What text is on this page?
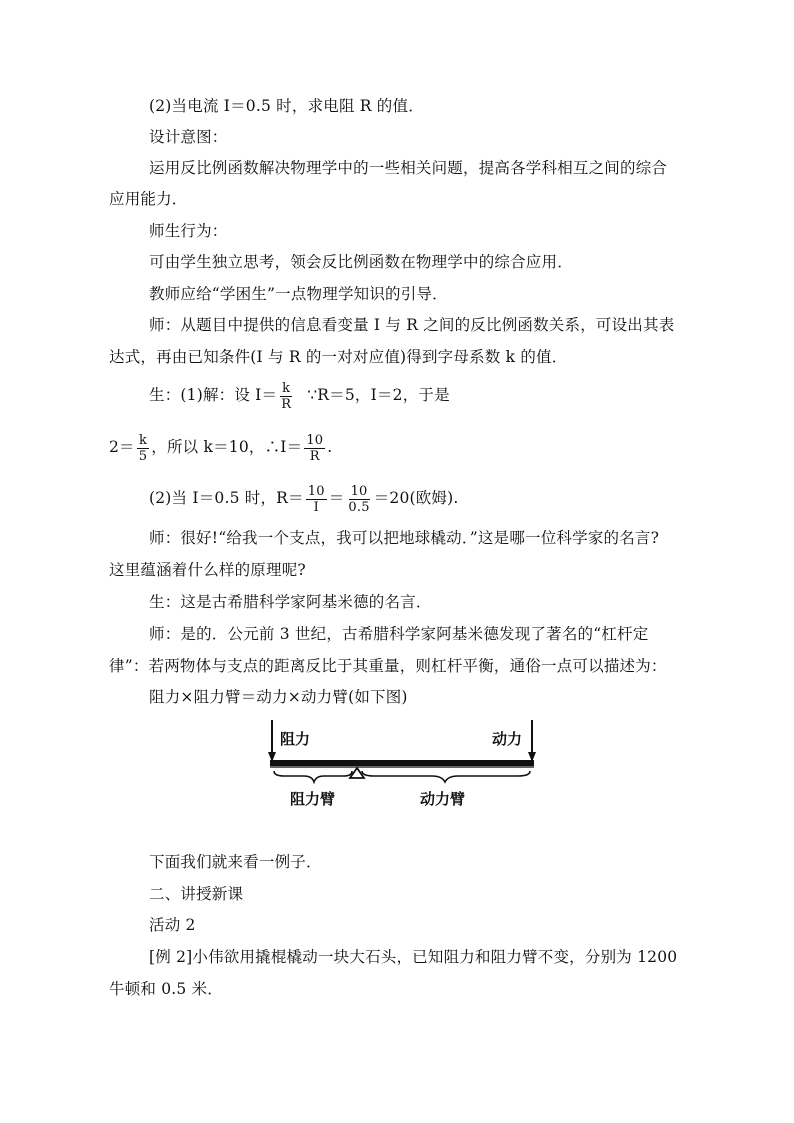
(2)当电流 I＝0.5 时，求电阻 R 的值．
设计意图：
运用反比例函数解决物理学中的一些相关问题，提高各学科相互之间的综合
应用能力．
师生行为：
可由学生独立思考，领会反比例函数在物理学中的综合应用．
教师应给“学困生”一点物理学知识的引导．
师：从题目中提供的信息看变量 I 与 R 之间的反比例函数关系，可设出其表
达式，再由已知条件(I 与 R 的一对对应值)得到字母系数 k 的值．
生：(1)解：设 $I= \frac{k}{R}$ ∵R＝5，I＝2，于是
$2= \frac{k}{5}$ ，所以 k＝10，∴I＝ $\frac{10}{R}$ .
(2)当 I＝0.5 时，$R= \frac{10}{I} = \frac{10}{0.5} =20$(欧姆).
师：很好!“给我一个支点，我可以把地球橇动．”这是哪一位科学家的名言?
这里蕴涵着什么样的原理呢?
生：这是古希腊科学家阿基米德的名言．
师：是的．公元前 3 世纪，古希腊科学家阿基米德发现了著名的“杠杆定
律”：若两物体与支点的距离反比于其重量，则杠杆平衡，通俗一点可以描述为：
阻力×阻力臂＝动力×动力臂(如下图)
阻力	动力
阻力臂	动力臂
下面我们就来看一例子．
二、讲授新课
活动 2
[例 2]小伟欲用撬棍橇动一块大石头，已知阻力和阻力臂不变，分别为 1200
牛顿和 0.5 米．
